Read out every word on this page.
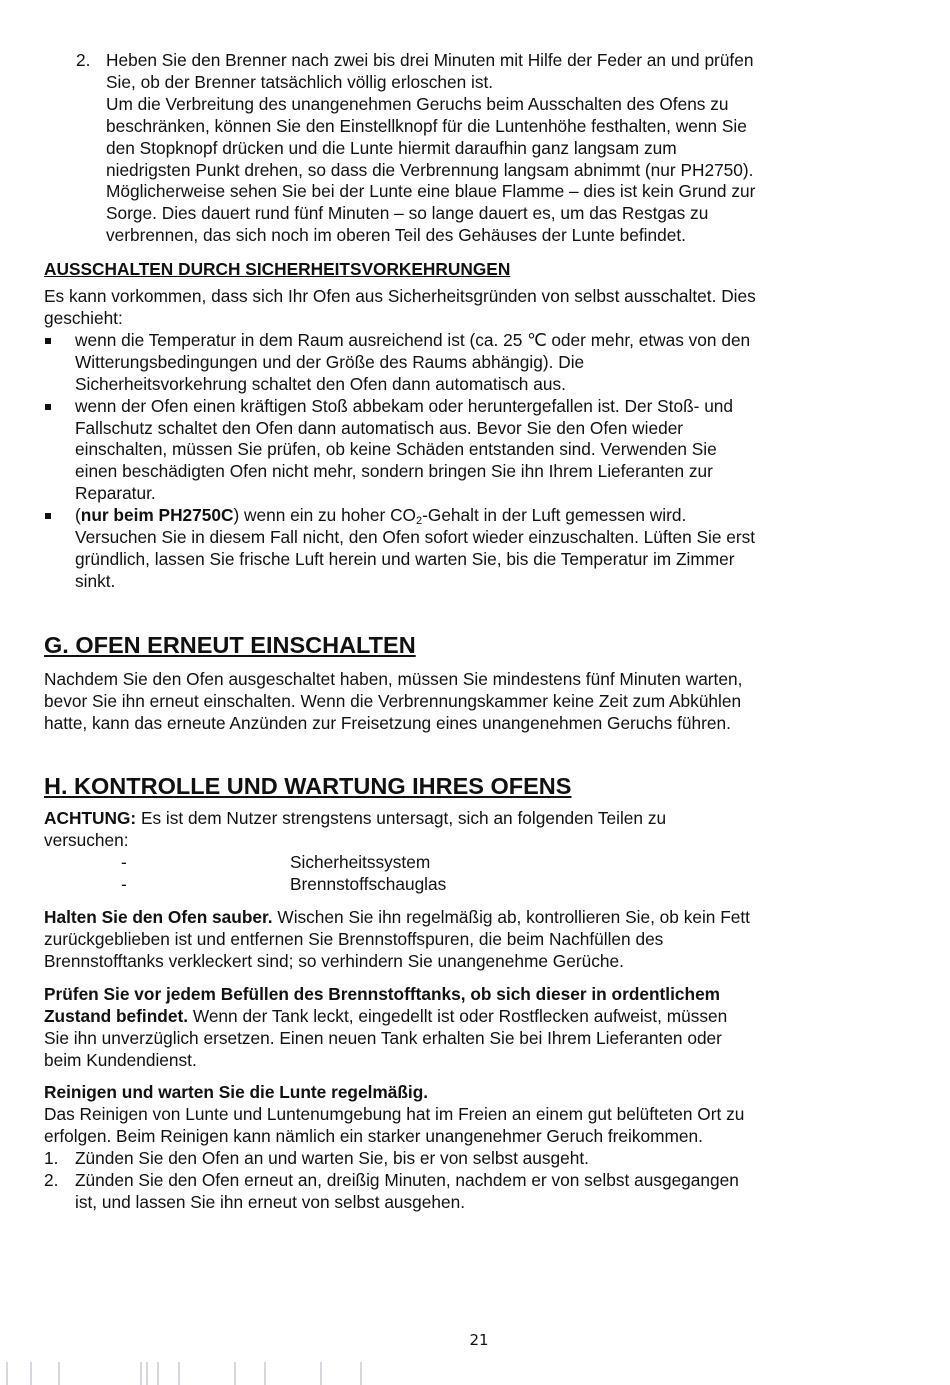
2. Heben Sie den Brenner nach zwei bis drei Minuten mit Hilfe der Feder an und prüfen

Sie, ob der Brenner tatsächlich völlig erloschen ist.

Um die Verbreitung des unangenehmen Geruchs beim Ausschalten des Ofens zu

beschränken, können Sie den Einstellknopf für die Luntenhöhe festhalten, wenn Sie

den Stopknopf drücken und die Lunte hiermit daraufhin ganz langsam zum

niedrigsten Punkt drehen, so dass die Verbrennung langsam abnimmt (nur PH2750).

Möglicherweise sehen Sie bei der Lunte eine blaue Flamme – dies ist kein Grund zur

Sorge. Dies dauert rund fünf Minuten – so lange dauert es, um das Restgas zu

verbrennen, das sich noch im oberen Teil des Gehäuses der Lunte befindet.

AUSSCHALTEN DURCH SICHERHEITSVORKEHRUNGEN

Es kann vorkommen, dass sich Ihr Ofen aus Sicherheitsgründen von selbst ausschaltet. Dies

geschieht:

wenn die Temperatur in dem Raum ausreichend ist (ca. 25 ℃ oder mehr, etwas von den

Witterungsbedingungen und der Größe des Raums abhängig). Die

Sicherheitsvorkehrung schaltet den Ofen dann automatisch aus.

wenn der Ofen einen kräftigen Stoß abbekam oder heruntergefallen ist. Der Stoß- und

Fallschutz schaltet den Ofen dann automatisch aus. Bevor Sie den Ofen wieder

einschalten, müssen Sie prüfen, ob keine Schäden entstanden sind. Verwenden Sie

einen beschädigten Ofen nicht mehr, sondern bringen Sie ihn Ihrem Lieferanten zur

Reparatur.

(nur beim PH2750C) wenn ein zu hoher $CO_2$-Gehalt in der Luft gemessen wird.

Versuchen Sie in diesem Fall nicht, den Ofen sofort wieder einzuschalten. Lüften Sie erst

gründlich, lassen Sie frische Luft herein und warten Sie, bis die Temperatur im Zimmer

sinkt.

G. OFEN ERNEUT EINSCHALTEN

Nachdem Sie den Ofen ausgeschaltet haben, müssen Sie mindestens fünf Minuten warten,

bevor Sie ihn erneut einschalten. Wenn die Verbrennungskammer keine Zeit zum Abkühlen

hatte, kann das erneute Anzünden zur Freisetzung eines unangenehmen Geruchs führen.

H. KONTROLLE UND WARTUNG IHRES OFENS

ACHTUNG: Es ist dem Nutzer strengstens untersagt, sich an folgenden Teilen zu

versuchen:

-	Sicherheitssystem
-	Brennstoffschauglas

Halten Sie den Ofen sauber. Wischen Sie ihn regelmäßig ab, kontrollieren Sie, ob kein Fett

zurückgeblieben ist und entfernen Sie Brennstoffspuren, die beim Nachfüllen des

Brennstofftanks verkleckert sind; so verhindern Sie unangenehme Gerüche.

Prüfen Sie vor jedem Befüllen des Brennstofftanks, ob sich dieser in ordentlichem

Zustand befindet. Wenn der Tank leckt, eingedellt ist oder Rostflecken aufweist, müssen

Sie ihn unverzüglich ersetzen. Einen neuen Tank erhalten Sie bei Ihrem Lieferanten oder

beim Kundendienst.

Reinigen und warten Sie die Lunte regelmäßig.

Das Reinigen von Lunte und Luntenumgebung hat im Freien an einem gut belüfteten Ort zu

erfolgen. Beim Reinigen kann nämlich ein starker unangenehmer Geruch freikommen.

1. Zünden Sie den Ofen an und warten Sie, bis er von selbst ausgeht.

2. Zünden Sie den Ofen erneut an, dreißig Minuten, nachdem er von selbst ausgegangen

ist, und lassen Sie ihn erneut von selbst ausgehen.

21
